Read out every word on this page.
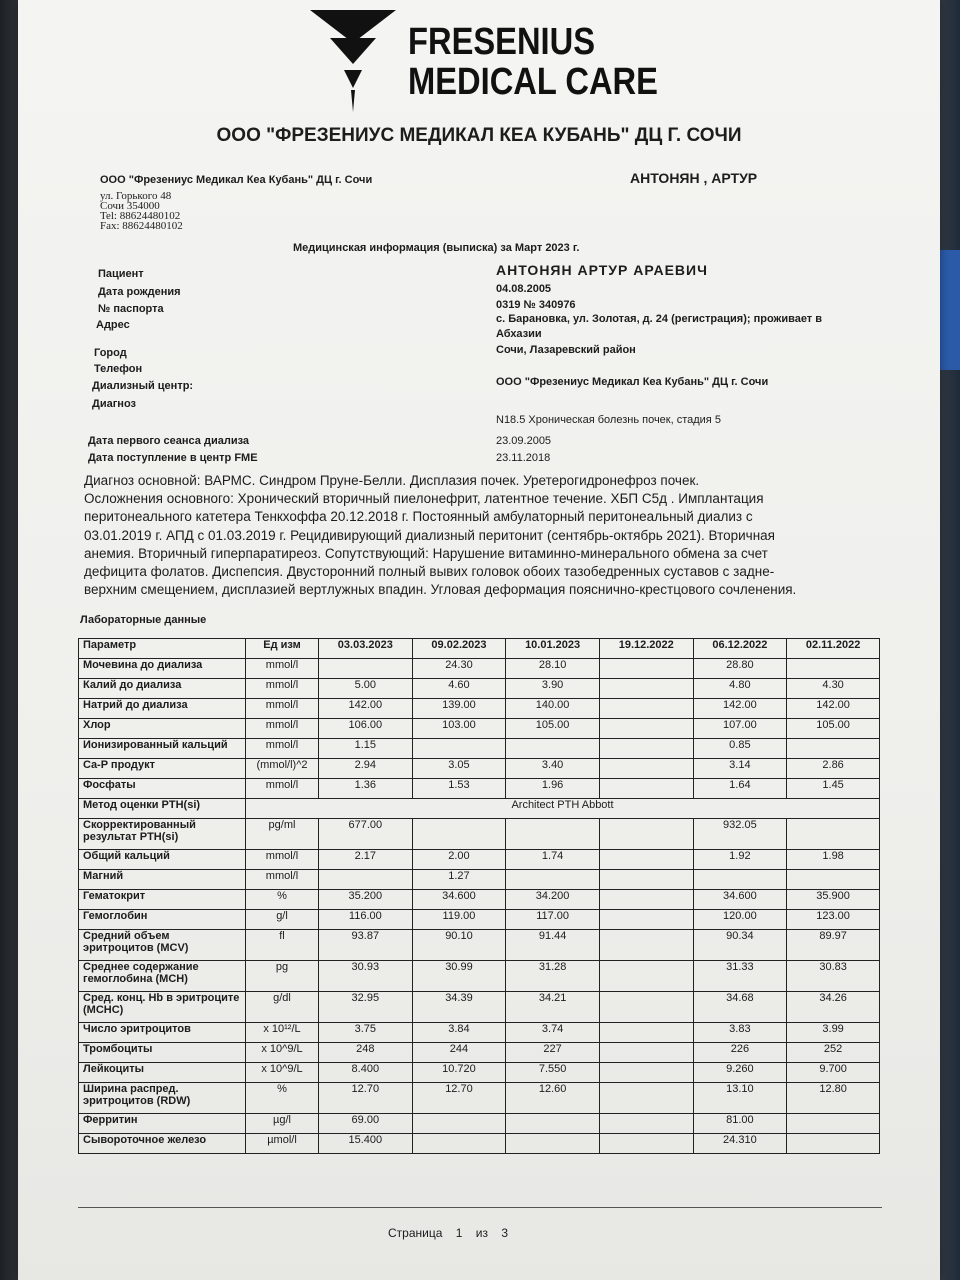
FRESENIUS
MEDICAL CARE
ООО "ФРЕЗЕНИУС МЕДИКАЛ КЕА КУБАНЬ" ДЦ Г. СОЧИ
ООО "Фрезениус Медикал Кеа Кубань" ДЦ г. Сочи
ул. Горького 48
Сочи 354000
Tel: 88624480102
Fax: 88624480102
АНТОНЯН , АРТУР
Медицинская информация (выписка) за Март 2023 г.
Пациент	АНТОНЯН АРТУР АРАЕВИЧ
Дата рождения	04.08.2005
№ паспорта	0319 № 340976
Адрес	с. Барановка, ул. Золотая, д. 24 (регистрация); проживает в
Абхазии
Город	Сочи, Лазаревский район
Телефон
Диализный центр:	ООО "Фрезениус Медикал Кеа Кубань" ДЦ г. Сочи
Диагноз
N18.5 Хроническая болезнь почек, стадия 5
Дата первого сеанса диализа	23.09.2005
Дата поступление в центр FME	23.11.2018
Диагноз основной: ВАРМС. Синдром Пруне-Белли. Дисплазия почек. Уретерогидронефроз почек.
Осложнения основного: Хронический вторичный пиелонефрит, латентное течение. ХБП С5д . Имплантация
перитонеального катетера Тенкхоффа 20.12.2018 г. Постоянный амбулаторный перитонеальный диализ с
03.01.2019 г. АПД с 01.03.2019 г. Рецидивирующий диализный перитонит (сентябрь-октябрь 2021). Вторичная
анемия. Вторичный гиперпаратиреоз. Сопутствующий: Нарушение витаминно-минерального обмена за счет
дефицита фолатов. Диспепсия. Двусторонний полный вывих головок обоих тазобедренных суставов с задне-
верхним смещением, дисплазией вертлужных впадин. Угловая деформация пояснично-крестцового сочленения.
Лабораторные данные
Параметр	Ед изм	03.03.2023	09.02.2023	10.01.2023	19.12.2022	06.12.2022	02.11.2022
Мочевина до диализа	mmol/l		24.30	28.10		28.80	
Калий до диализа	mmol/l	5.00	4.60	3.90		4.80	4.30
Натрий до диализа	mmol/l	142.00	139.00	140.00		142.00	142.00
Хлор	mmol/l	106.00	103.00	105.00		107.00	105.00
Ионизированный кальций	mmol/l	1.15				0.85	
Ca-P продукт	(mmol/l)^2	2.94	3.05	3.40		3.14	2.86
Фосфаты	mmol/l	1.36	1.53	1.96		1.64	1.45
Метод оценки PTH(si)	Architect PTH Abbott						
Скорректированный результат PTH(si)	pg/ml	677.00				932.05	
Общий кальций	mmol/l	2.17	2.00	1.74		1.92	1.98
Магний	mmol/l		1.27				
Гематокрит	%	35.200	34.600	34.200		34.600	35.900
Гемоглобин	g/l	116.00	119.00	117.00		120.00	123.00
Средний объем эритроцитов (MCV)	fl	93.87	90.10	91.44		90.34	89.97
Среднее содержание гемоглобина (MCH)	pg	30.93	30.99	31.28		31.33	30.83
Сред. конц. Hb в эритроците (MCHC)	g/dl	32.95	34.39	34.21		34.68	34.26
Число эритроцитов	x 10¹²/L	3.75	3.84	3.74		3.83	3.99
Тромбоциты	x 10^9/L	248	244	227		226	252
Лейкоциты	x 10^9/L	8.400	10.720	7.550		9.260	9.700
Ширина распред. эритроцитов (RDW)	%	12.70	12.70	12.60		13.10	12.80
Ферритин	µg/l	69.00				81.00	
Сывороточное железо	µmol/l	15.400				24.310	
Страница 1 из 3
